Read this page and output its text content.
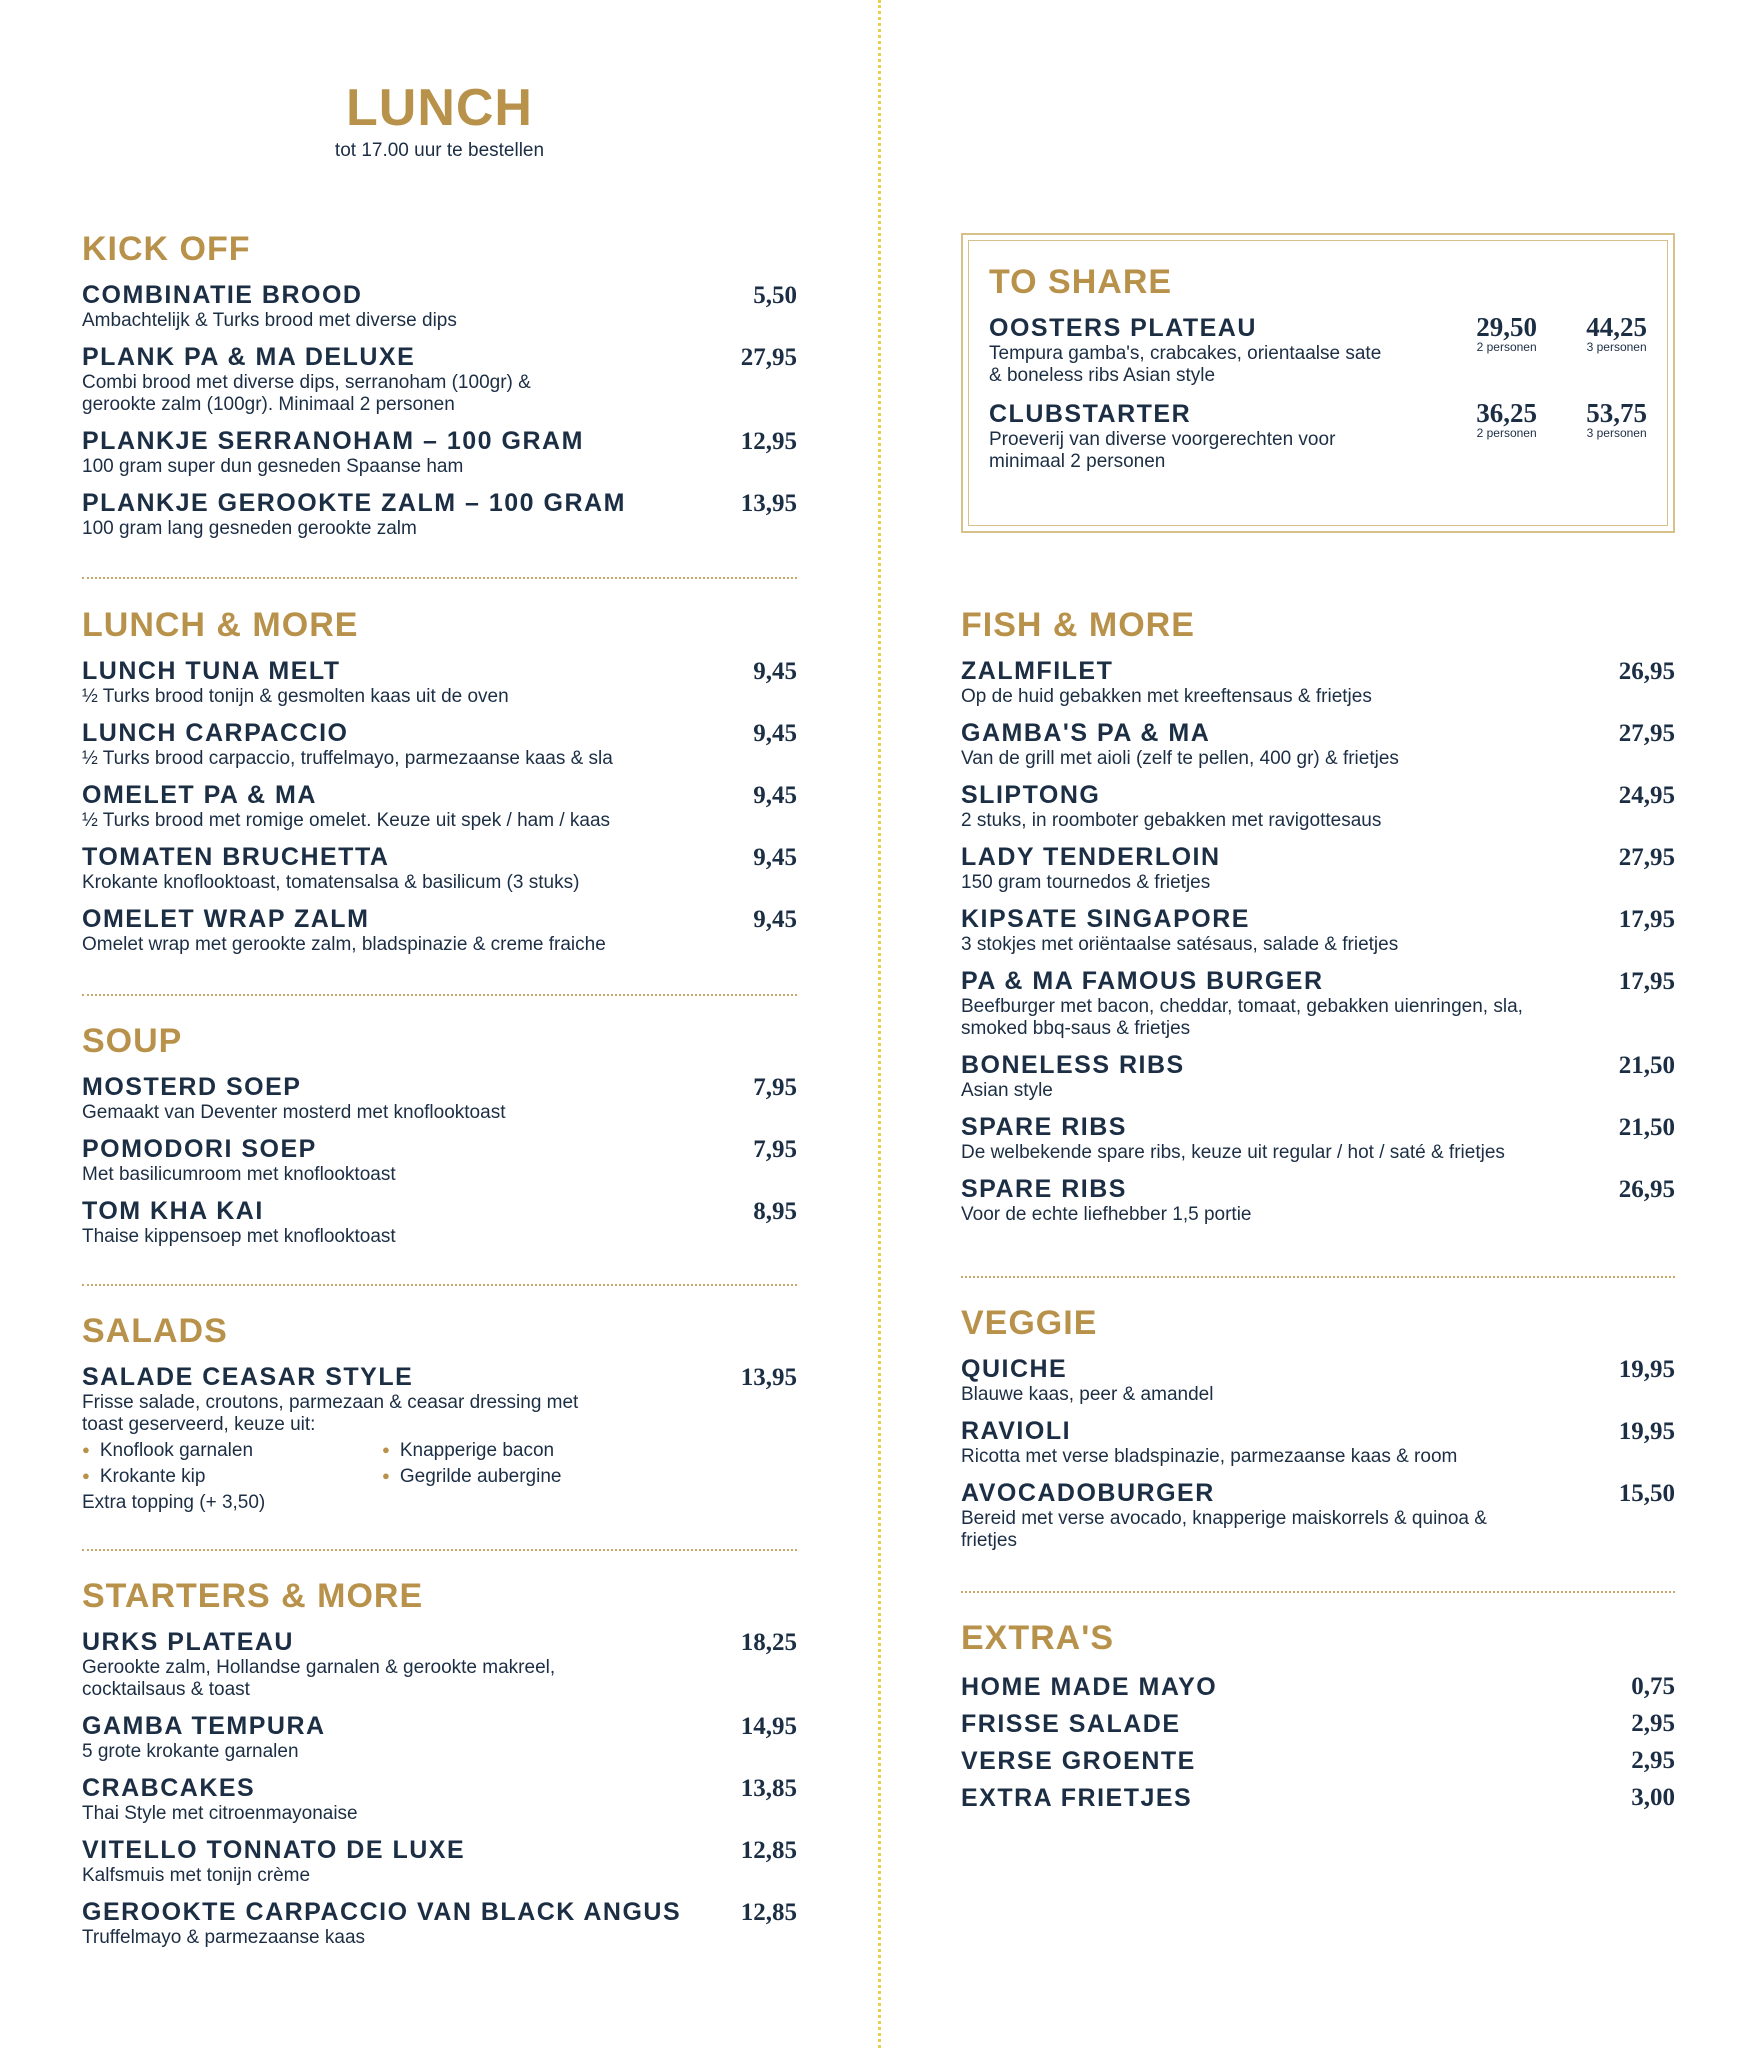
LUNCH
tot 17.00 uur te bestellen
KICK OFF
COMBINATIE BROOD
Ambachtelijk & Turks brood met diverse dips
5,50
PLANK PA & MA DELUXE
Combi brood met diverse dips, serranoham (100gr) & gerookte zalm (100gr). Minimaal 2 personen
27,95
PLANKJE SERRANOHAM – 100 GRAM
100 gram super dun gesneden Spaanse ham
12,95
PLANKJE GEROOKTE ZALM – 100 GRAM
100 gram lang gesneden gerookte zalm
13,95
LUNCH & MORE
LUNCH TUNA MELT
½ Turks brood tonijn & gesmolten kaas uit de oven
9,45
LUNCH CARPACCIO
½ Turks brood carpaccio, truffelmayo, parmezaanse kaas & sla
9,45
OMELET PA & MA
½ Turks brood met romige omelet. Keuze uit spek / ham / kaas
9,45
TOMATEN BRUCHETTA
Krokante knoflooktoast, tomatensalsa & basilicum (3 stuks)
9,45
OMELET WRAP ZALM
Omelet wrap met gerookte zalm, bladspinazie & creme fraiche
9,45
SOUP
MOSTERD SOEP
Gemaakt van Deventer mosterd met knoflooktoast
7,95
POMODORI SOEP
Met basilicumroom met knoflooktoast
7,95
TOM KHA KAI
Thaise kippensoep met knoflooktoast
8,95
SALADS
SALADE CEASAR STYLE
Frisse salade, croutons, parmezaan & ceasar dressing met toast geserveerd, keuze uit:
13,95
● Knoflook garnalen	● Knapperige bacon
● Krokante kip	● Gegrilde aubergine
Extra topping (+ 3,50)
STARTERS & MORE
URKS PLATEAU
Gerookte zalm, Hollandse garnalen & gerookte makreel, cocktailsaus & toast
18,25
GAMBA TEMPURA
5 grote krokante garnalen
14,95
CRABCAKES
Thai Style met citroenmayonaise
13,85
VITELLO TONNATO DE LUXE
Kalfsmuis met tonijn crème
12,85
GEROOKTE CARPACCIO VAN BLACK ANGUS
Truffelmayo & parmezaanse kaas
12,85
TO SHARE
OOSTERS PLATEAU
Tempura gamba's, crabcakes, orientaalse sate & boneless ribs Asian style
29,50
2 personen
44,25
3 personen
CLUBSTARTER
Proeverij van diverse voorgerechten voor minimaal 2 personen
36,25
2 personen
53,75
3 personen
FISH & MORE
ZALMFILET
Op de huid gebakken met kreeftensaus & frietjes
26,95
GAMBA'S PA & MA
Van de grill met aioli (zelf te pellen, 400 gr) & frietjes
27,95
SLIPTONG
2 stuks, in roomboter gebakken met ravigottesaus
24,95
LADY TENDERLOIN
150 gram tournedos & frietjes
27,95
KIPSATE SINGAPORE
3 stokjes met oriëntaalse satésaus, salade & frietjes
17,95
PA & MA FAMOUS BURGER
Beefburger met bacon, cheddar, tomaat, gebakken uienringen, sla, smoked bbq-saus & frietjes
17,95
BONELESS RIBS
Asian style
21,50
SPARE RIBS
De welbekende spare ribs, keuze uit regular / hot / saté & frietjes
21,50
SPARE RIBS
Voor de echte liefhebber 1,5 portie
26,95
VEGGIE
QUICHE
Blauwe kaas, peer & amandel
19,95
RAVIOLI
Ricotta met verse bladspinazie, parmezaanse kaas & room
19,95
AVOCADOBURGER
Bereid met verse avocado, knapperige maiskorrels & quinoa & frietjes
15,50
EXTRA'S
HOME MADE MAYO	0,75
FRISSE SALADE	2,95
VERSE GROENTE	2,95
EXTRA FRIETJES	3,00
